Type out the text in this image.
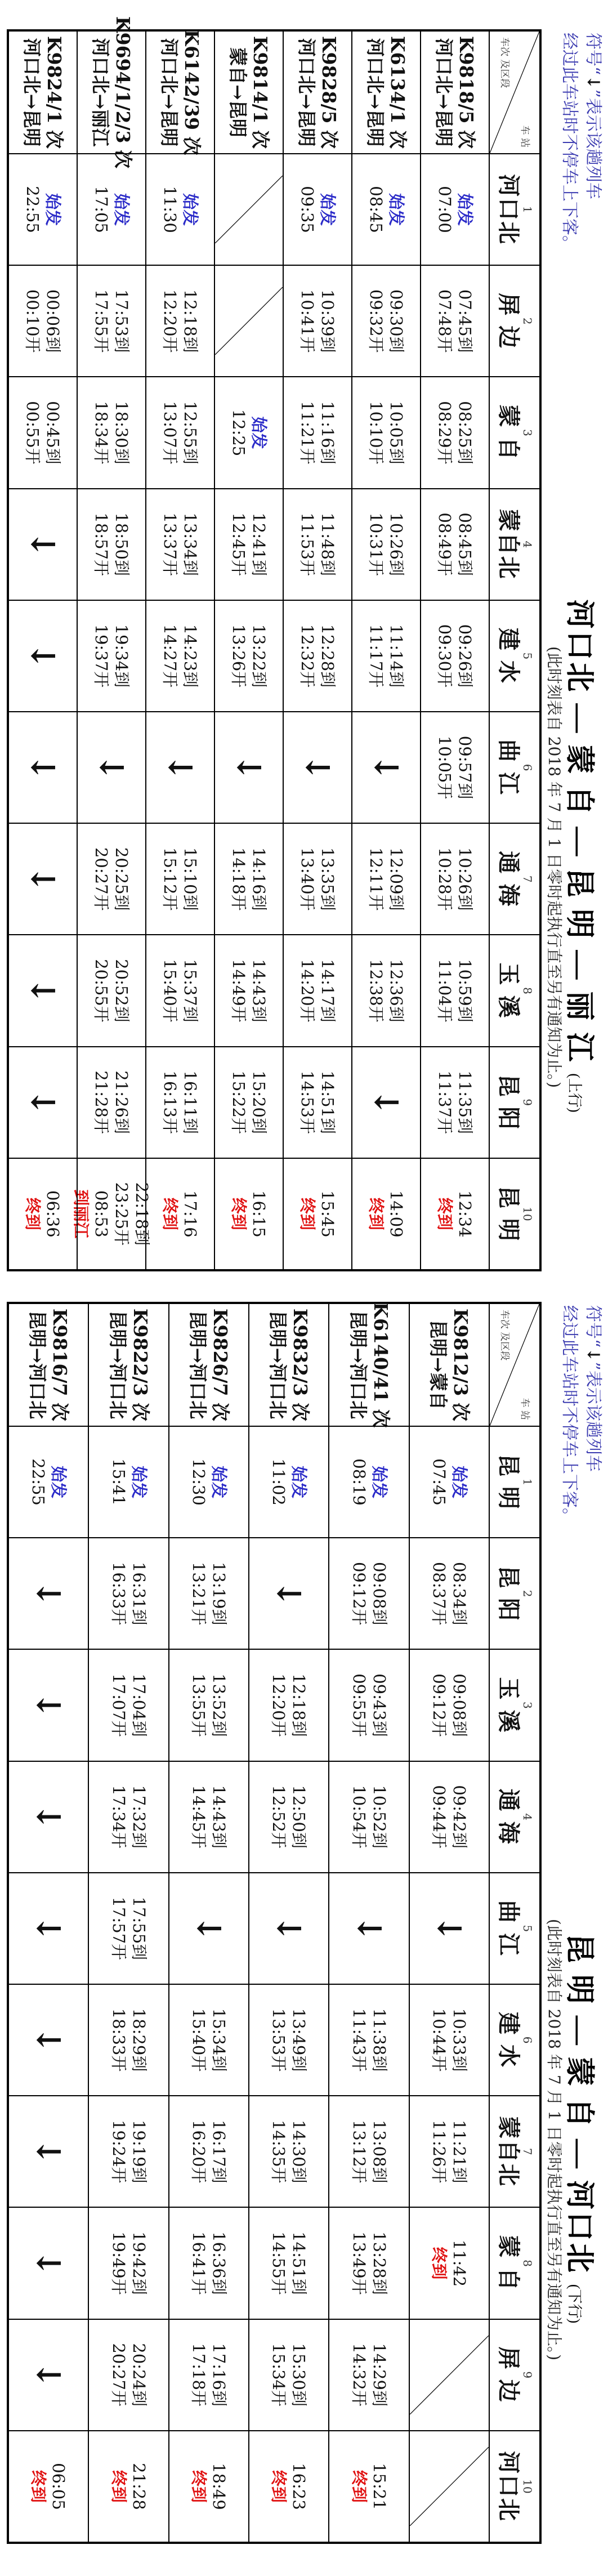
符号“↓”表示该趟列车
经过此车站时不停车上下客。
昆 明 — 蒙 自 — 河口北 (下行)
(此时刻表自 2018 年 7 月 1 日零时起执行直至另有通知为止。)
车 站
车次 及区段
1
昆 明
2
昆 阳
3
玉 溪
4
通 海
5
曲 江
6
建 水
7
蒙自北
8
蒙 自
9
屏 边
10
河口北
K9812/3 次
昆明→蒙自
始发
07:45
08:34到
08:37开
09:08到
09:12开
09:42到
09:44开
↓
10:33到
10:44开
11:21到
11:26开
11:42
终到
K6140/41 次
昆明→河口北
始发
08:19
09:08到
09:12开
09:43到
09:55开
10:52到
10:54开
↓
11:38到
11:43开
13:08到
13:12开
13:28到
13:49开
14:29到
14:32开
15:21
终到
K9832/3 次
昆明→河口北
始发
11:02
↓
12:18到
12:20开
12:50到
12:52开
↓
13:49到
13:53开
14:30到
14:35开
14:51到
14:55开
15:30到
15:34开
16:23
终到
K9826/7 次
昆明→河口北
始发
12:30
13:19到
13:21开
13:52到
13:55开
14:43到
14:45开
↓
15:34到
15:40开
16:17到
16:20开
16:36到
16:41开
17:16到
17:18开
18:49
终到
K9822/3 次
昆明→河口北
始发
15:41
16:31到
16:33开
17:04到
17:07开
17:32到
17:34开
17:55到
17:57开
18:29到
18:33开
19:19到
19:24开
19:42到
19:49开
20:24到
20:27开
21:28
终到
K9816/7 次
昆明→河口北
始发
22:55
↓
↓
↓
↓
↓
↓
↓
↓
06:05
终到
符号“↓”表示该趟列车
经过此车站时不停车上下客。
河口北 — 蒙 自 — 昆 明 — 丽 江 (上行)
(此时刻表自 2018 年 7 月 1 日零时起执行直至另有通知为止。)
车 站
车次 及区段
1
河口北
2
屏 边
3
蒙 自
4
蒙自北
5
建 水
6
曲 江
7
通 海
8
玉 溪
9
昆 阳
10
昆 明
K9818/5 次
河口北→昆明
始发
07:00
07:45到
07:48开
08:25到
08:29开
08:45到
08:49开
09:26到
09:30开
09:57到
10:05开
10:26到
10:28开
10:59到
11:04开
11:35到
11:37开
12:34
终到
K6134/1 次
河口北→昆明
始发
08:45
09:30到
09:32开
10:05到
10:10开
10:26到
10:31开
11:14到
11:17开
↓
12:09到
12:11开
12:36到
12:38开
↓
14:09
终到
K9828/5 次
河口北→昆明
始发
09:35
10:39到
10:41开
11:16到
11:21开
11:48到
11:53开
12:28到
12:32开
↓
13:35到
13:40开
14:17到
14:20开
14:51到
14:53开
15:45
终到
K9814/1 次
蒙自→昆明
始发
12:25
12:41到
12:45开
13:22到
13:26开
↓
14:16到
14:18开
14:43到
14:49开
15:20到
15:22开
16:15
终到
K6142/39 次
河口北→昆明
始发
11:30
12:18到
12:20开
12:55到
13:07开
13:34到
13:37开
14:23到
14:27开
↓
15:10到
15:12开
15:37到
15:40开
16:11到
16:13开
17:16
终到
K9694/1/2/3 次
河口北→丽江
始发
17:05
17:53到
17:55开
18:30到
18:34开
18:50到
18:57开
19:34到
19:37开
↓
20:25到
20:27开
20:52到
20:55开
21:26到
21:28开
22:18到
23:25开
08:53
到丽江
K9824/1 次
河口北→昆明
始发
22:55
00:06到
00:10开
00:45到
00:55开
↓
↓
↓
↓
↓
↓
06:36
终到
